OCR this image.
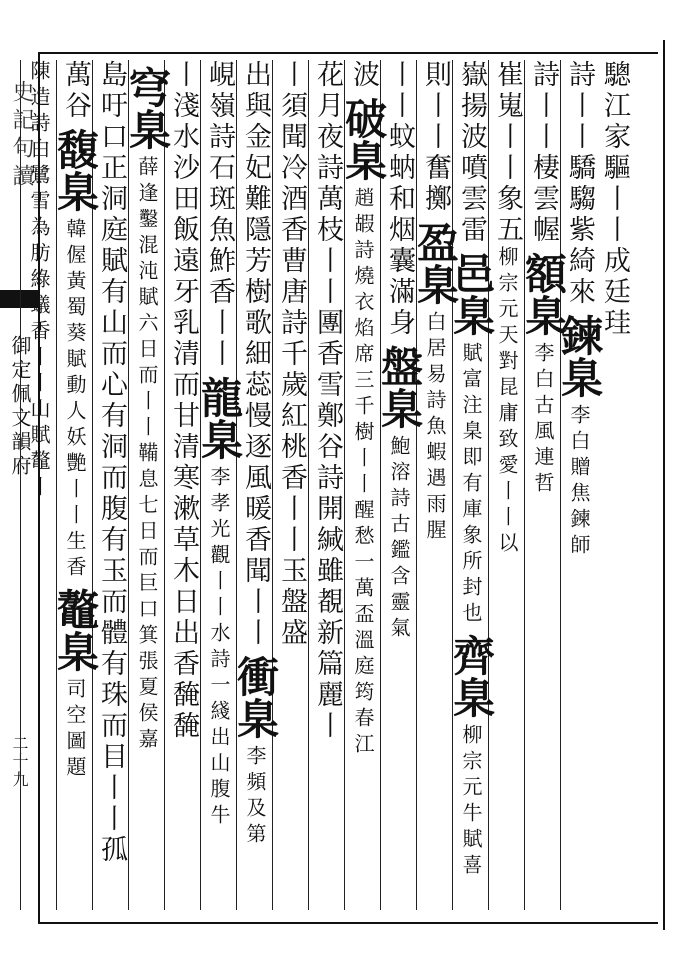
史記句讀
御定佩文韻府
二十九
驄江家驅丨丨成廷珪
詩丨丨驕騶紫綺來
鍊臬
李白贈焦鍊師
詩丨丨棲雲幄
額臬
李白古風連哲
崔嵬丨丨象五
柳宗元天對昆庸致愛丨丨以
嶽揚波噴雲雷
邑臬
賦富注臬即有庫象所封也
齊臬
柳宗元牛賦喜
則丨丨奮擲
盈臬
白居易詩魚蝦遇雨腥
丨丨蚊蚋和烟囊滿身
盤臬
鮑溶詩古鑑含靈氣
波
破臬
趙嘏詩燒衣焰席三千樹丨丨醒愁一萬盃溫庭筠春江
花月夜詩萬枝丨丨團香雪鄭谷詩開緘雖覩新篇麗丨
丨須聞冷酒香曹唐詩千歲紅桃香丨丨玉盤盛
出與金妃難隱芳樹歌細蕊慢逐風暖香聞丨丨
衝臬
李頻及第
峴嶺詩石斑魚鮓香丨丨
龍臬
李孝光觀丨丨水詩一綫出山腹牛
丨淺水沙田飯遠牙乳清而甘清寒漱草木日出香馣馣
穹臬
薛逢鑿混沌賦六日而丨丨鞴息七日而巨口箕張夏侯嘉
島吁口正洞庭賦有山而心有洞而腹有玉而體有珠而目丨丨孤
萬谷
馥臬
韓偓黃蜀葵賦動人妖艷丨丨生香
鼇臬
司空圖題
陳造詩白鷺雪為肪綠蟻香丨丨
山賦鼇丨
